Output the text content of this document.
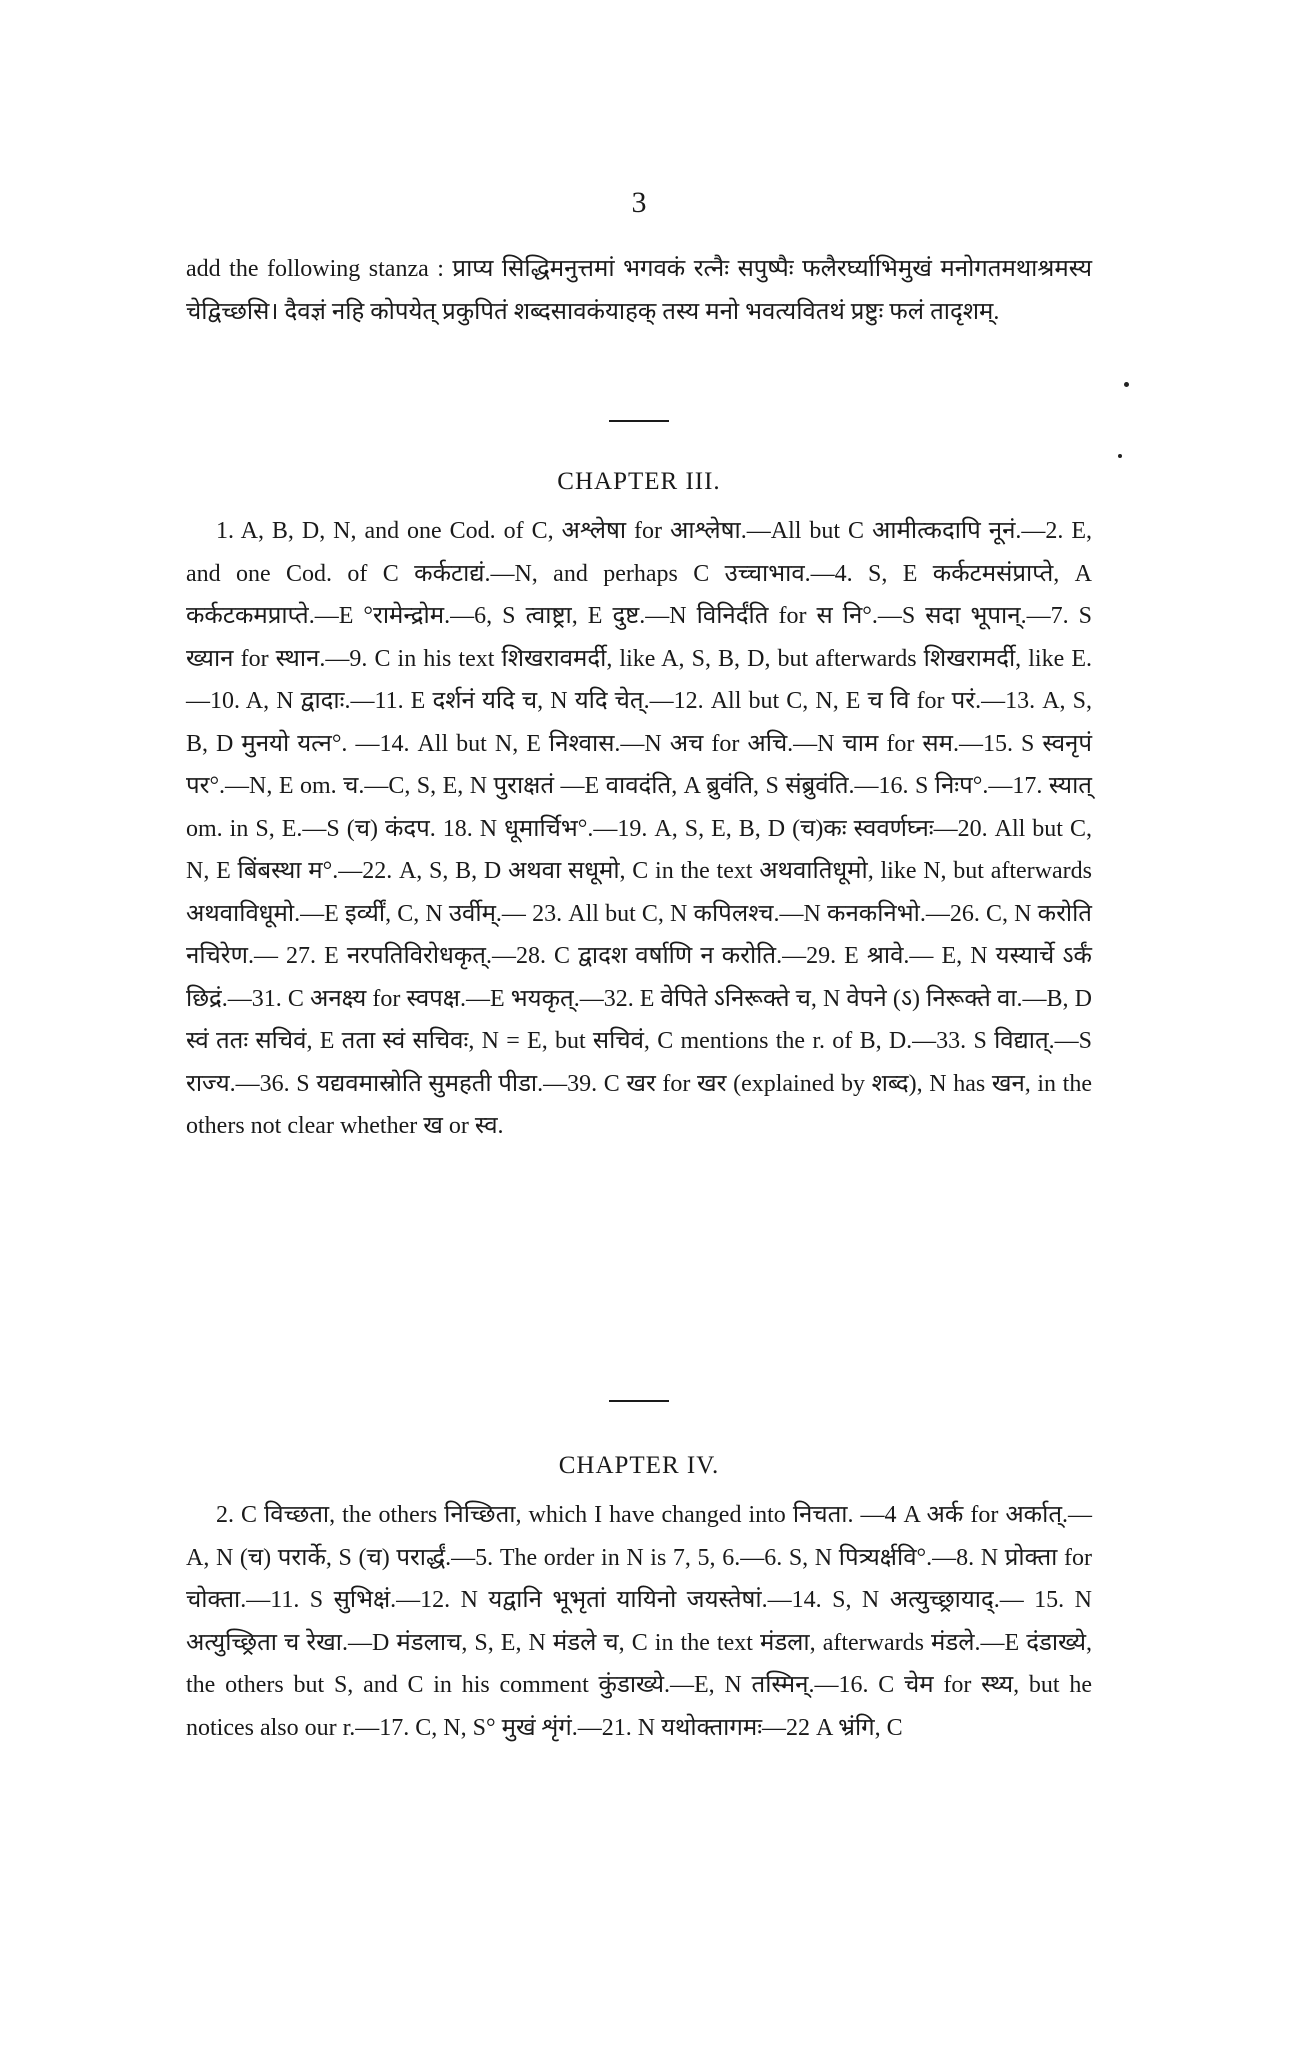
3

add the following stanza : प्राप्य सिद्धिमनुत्तमां भगवकं रत्नैः सपुष्पैः फलैरर्घ्याभिमुखं मनोगतमथाश्रमस्य चेद्विच्छसि। दैवज्ञं नहि कोपयेत् प्रकुपितं शब्दसावकंयाहक् तस्य मनो भवत्यवितथं प्रष्टुः फलं तादृशम्.

CHAPTER III.

1. A, B, D, N, and one Cod. of C, अश्लेषा for आश्लेषा.—All but C आमीत्कदापि नूनं.—2. E, and one Cod. of C कर्कटाद्यं.—N, and perhaps C उच्चाभाव.—4. S, E कर्कटमसंप्राप्ते, A कर्कटकमप्राप्ते.—E °रामेन्द्रोम.—6, S त्वाष्ट्रा, E दुष्ट.—N विनिर्दंति for स नि°.—S सदा भूपान्.—7. S ख्यान for स्थान.—9. C in his text शिखरावमर्दी, like A, S, B, D, but afterwards शिखरामर्दी, like E.—10. A, N द्वादाः.—11. E दर्शनं यदि च, N यदि चेत्.—12. All but C, N, E च वि for परं.—13. A, S, B, D मुनयो यत्न°. —14. All but N, E निश्वास.—N अच for अचि.—N चाम for सम.—15. S स्वनृपं पर°.—N, E om. च.—C, S, E, N पुराक्षतं —E वावदंति, A ब्रुवंति, S संब्रुवंति.—16. S निःप°.—17. स्यात् om. in S, E.—S (च) कंदप. 18. N धूमार्चिभ°.—19. A, S, E, B, D (च)कः स्ववर्णघ्नः—20. All but C, N, E बिंबस्था म°.—22. A, S, B, D अथवा सधूमो, C in the text अथवातिधूमो, like N, but afterwards अथवाविधूमो.—E इर्व्यीं, C, N उर्वीम्.— 23. All but C, N कपिलश्च.—N कनकनिभो.—26. C, N करोति नचिरेण.— 27. E नरपतिविरोधकृत्.—28. C द्वादश वर्षाणि न करोति.—29. E श्रावे.— E, N यस्यार्चे ऽर्कं छिद्रं.—31. C अनक्ष्य for स्वपक्ष.—E भयकृत्.—32. E वेपिते ऽनिरूक्ते च, N वेपने (ऽ) निरूक्ते वा.—B, D स्वं ततः सचिवं, E तता स्वं सचिवः, N = E, but सचिवं, C mentions the r. of B, D.—33. S विद्यात्.—S राज्य.—36. S यद्यवमास्रोति सुमहती पीडा.—39. C खर for खर (explained by शब्द), N has खन, in the others not clear whether ख or स्व.

CHAPTER IV.

2. C विच्छता, the others निच्छिता, which I have changed into निचता. —4 A अर्क for अर्कात्.—A, N (च) परार्के, S (च) परार्द्धं.—5. The order in N is 7, 5, 6.—6. S, N पित्र्यर्क्षवि°.—8. N प्रोक्ता for चोक्ता.—11. S सुभिक्षं.—12. N यद्वानि भूभृतां यायिनो जयस्तेषां.—14. S, N अत्युच्छ्रायाद्.— 15. N अत्युच्छ्रिता च रेखा.—D मंडलाच, S, E, N मंडले च, C in the text मंडला, afterwards मंडले.—E दंडाख्ये, the others but S, and C in his comment कुंडाख्ये.—E, N तस्मिन्.—16. C चेम for स्थ्य, but he notices also our r.—17. C, N, S° मुखं शृंगं.—21. N यथोक्तागमः—22 A भ्रंगि, C
